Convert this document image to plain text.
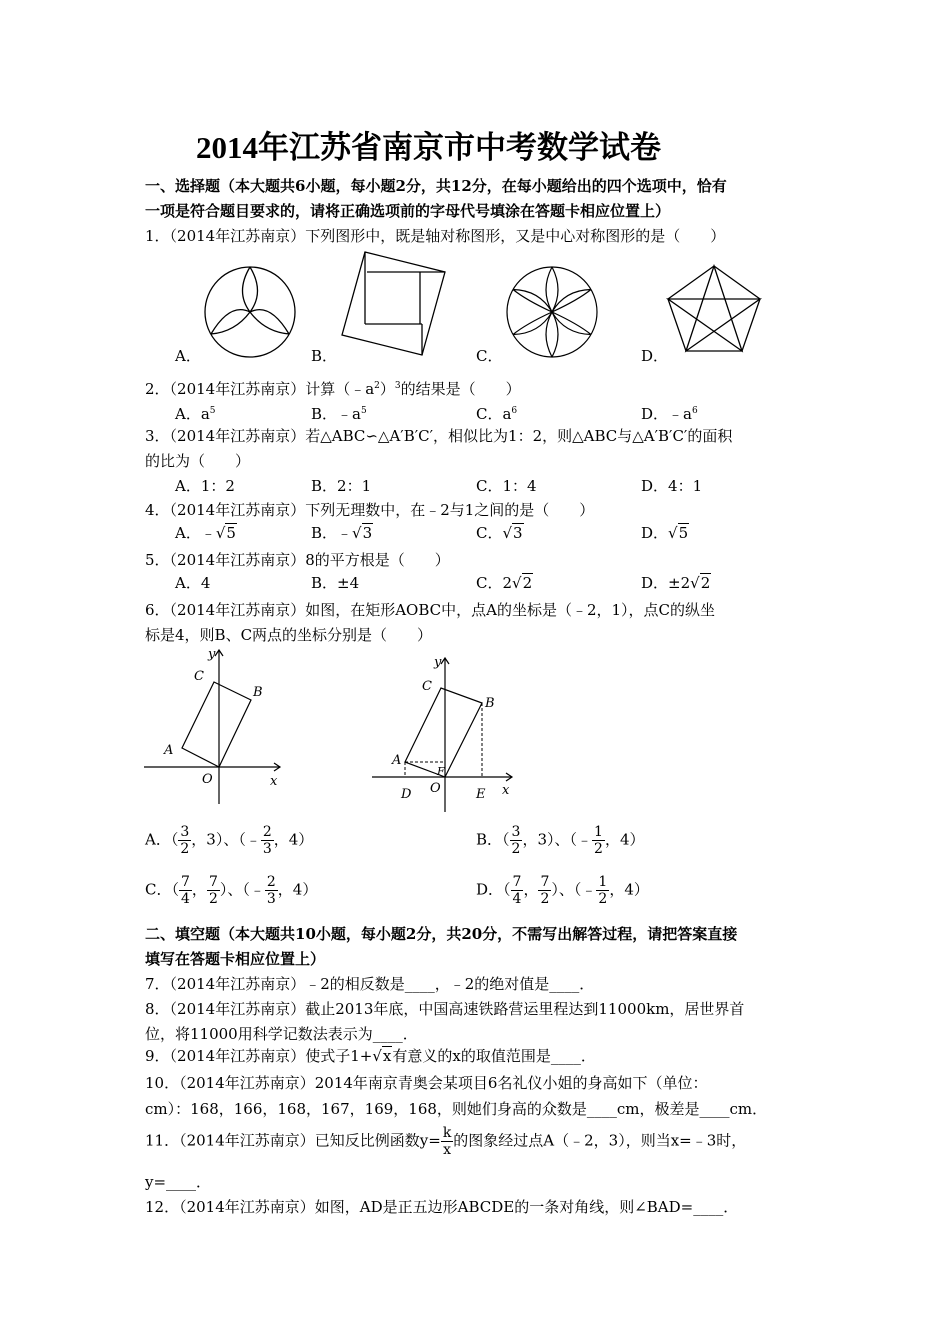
2014年江苏省南京市中考数学试卷
一、选择题（本大题共6小题，每小题2分，共12分，在每小题给出的四个选项中，恰有
一项是符合题目要求的，请将正确选项前的字母代号填涂在答题卡相应位置上）
1．（2014年江苏南京）下列图形中，既是轴对称图形，又是中心对称图形的是（　　）
A．	B．	C．	D．
2．（2014年江苏南京）计算$(﹣a^2)^3$的结果是（　　）
A．$a^5$	B．$﹣a^5$	C．$a^6$	D．$﹣a^6$
3．（2014年江苏南京）若△ABC∽△A′B′C′，相似比为1：2，则△ABC与△A′B′C′的面积
的比为（　　）
A．1：2	B．2：1	C．1：4	D．4：1
4．（2014年江苏南京）下列无理数中，在﹣2与1之间的是（　　）
A．﹣√5	B．﹣√3	C．√3	D．√5
5．（2014年江苏南京）8的平方根是（　　）
A．4	B．±4	C．2√2	D．±2√2
6．（2014年江苏南京）如图，在矩形AOBC中，点A的坐标是（﹣2，1），点C的纵坐
标是4，则B、C两点的坐标分别是（　　）
y
x
C
B
A
O
y
x
C
B
A
O
F
D	E
A．（ $\frac{3}{2}$ ，3）、（﹣ $\frac{2}{3}$ ，4）	B．（ $\frac{3}{2}$ ，3）、（﹣ $\frac{1}{2}$ ，4）
C．（ $\frac{7}{4}$ ， $\frac{7}{2}$ ）、（﹣ $\frac{2}{3}$ ，4）	D．（ $\frac{7}{4}$ ， $\frac{7}{2}$ ）、（﹣ $\frac{1}{2}$ ，4）
二、填空题（本大题共10小题，每小题2分，共20分，不需写出解答过程，请把答案直接
填写在答题卡相应位置上）
7．（2014年江苏南京）﹣2的相反数是____，﹣2的绝对值是____．
8．（2014年江苏南京）截止2013年底，中国高速铁路营运里程达到11000km，居世界首
位，将11000用科学记数法表示为____．
9．（2014年江苏南京）使式子1+√x有意义的x的取值范围是____．
10．（2014年江苏南京）2014年南京青奥会某项目6名礼仪小姐的身高如下（单位：
cm）：168，166，168，167，169，168，则她们身高的众数是____cm，极差是____cm．
11．（2014年江苏南京）已知反比例函数$y= \frac{k}{x}$ 的图象经过点A（﹣2，3），则当x=﹣3时，
y=____．
12．（2014年江苏南京）如图，AD是正五边形ABCDE的一条对角线，则∠BAD=____．
